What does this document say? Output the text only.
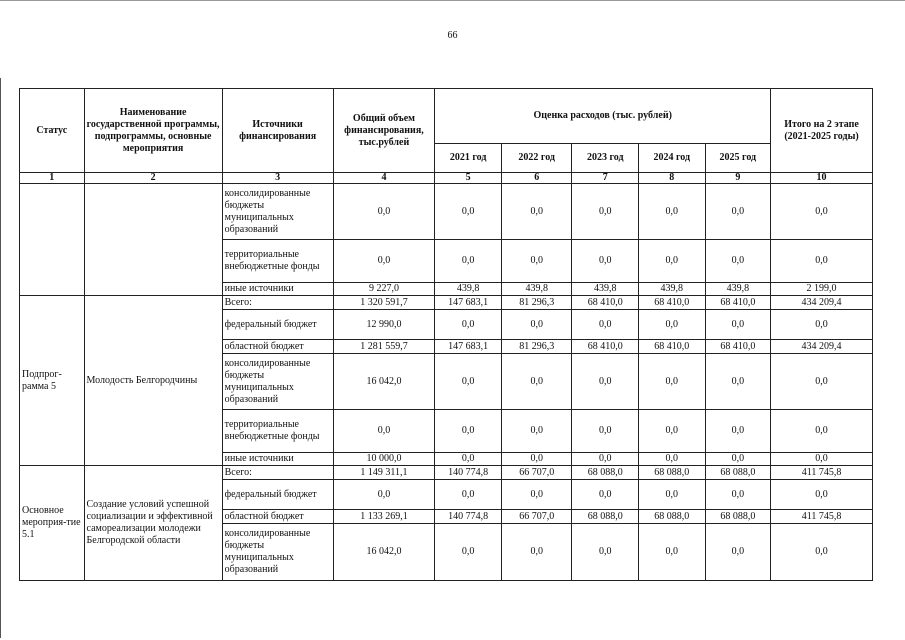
66
Статус	Наименование государственной программы, подпрограммы, основные мероприятия	Источники финансирования	Общий объем финансирования, тыс.рублей	Оценка расходов (тыс. рублей)					Итого на 2 этапе (2021-2025 годы)
				2021 год	2022 год	2023 год	2024 год	2025 год	
1	2	3	4	5	6	7	8	9	10
		консолидированные бюджеты муниципальных образований	0,0	0,0	0,0	0,0	0,0	0,0	0,0
		территориальные внебюджетные фонды	0,0	0,0	0,0	0,0	0,0	0,0	0,0
		иные источники	9 227,0	439,8	439,8	439,8	439,8	439,8	2 199,0
Подпрог-рамма 5	Молодость Белгородчины	Всего:	1 320 591,7	147 683,1	81 296,3	68 410,0	68 410,0	68 410,0	434 209,4
		федеральный бюджет	12 990,0	0,0	0,0	0,0	0,0	0,0	0,0
		областной бюджет	1 281 559,7	147 683,1	81 296,3	68 410,0	68 410,0	68 410,0	434 209,4
		консолидированные бюджеты муниципальных образований	16 042,0	0,0	0,0	0,0	0,0	0,0	0,0
		территориальные внебюджетные фонды	0,0	0,0	0,0	0,0	0,0	0,0	0,0
		иные источники	10 000,0	0,0	0,0	0,0	0,0	0,0	0,0
Основное мероприя-тие 5.1	Создание условий успешной социализации и эффективной самореализации молодежи Белгородской области	Всего:	1 149 311,1	140 774,8	66 707,0	68 088,0	68 088,0	68 088,0	411 745,8
		федеральный бюджет	0,0	0,0	0,0	0,0	0,0	0,0	0,0
		областной бюджет	1 133 269,1	140 774,8	66 707,0	68 088,0	68 088,0	68 088,0	411 745,8
		консолидированные бюджеты муниципальных образований	16 042,0	0,0	0,0	0,0	0,0	0,0	0,0
